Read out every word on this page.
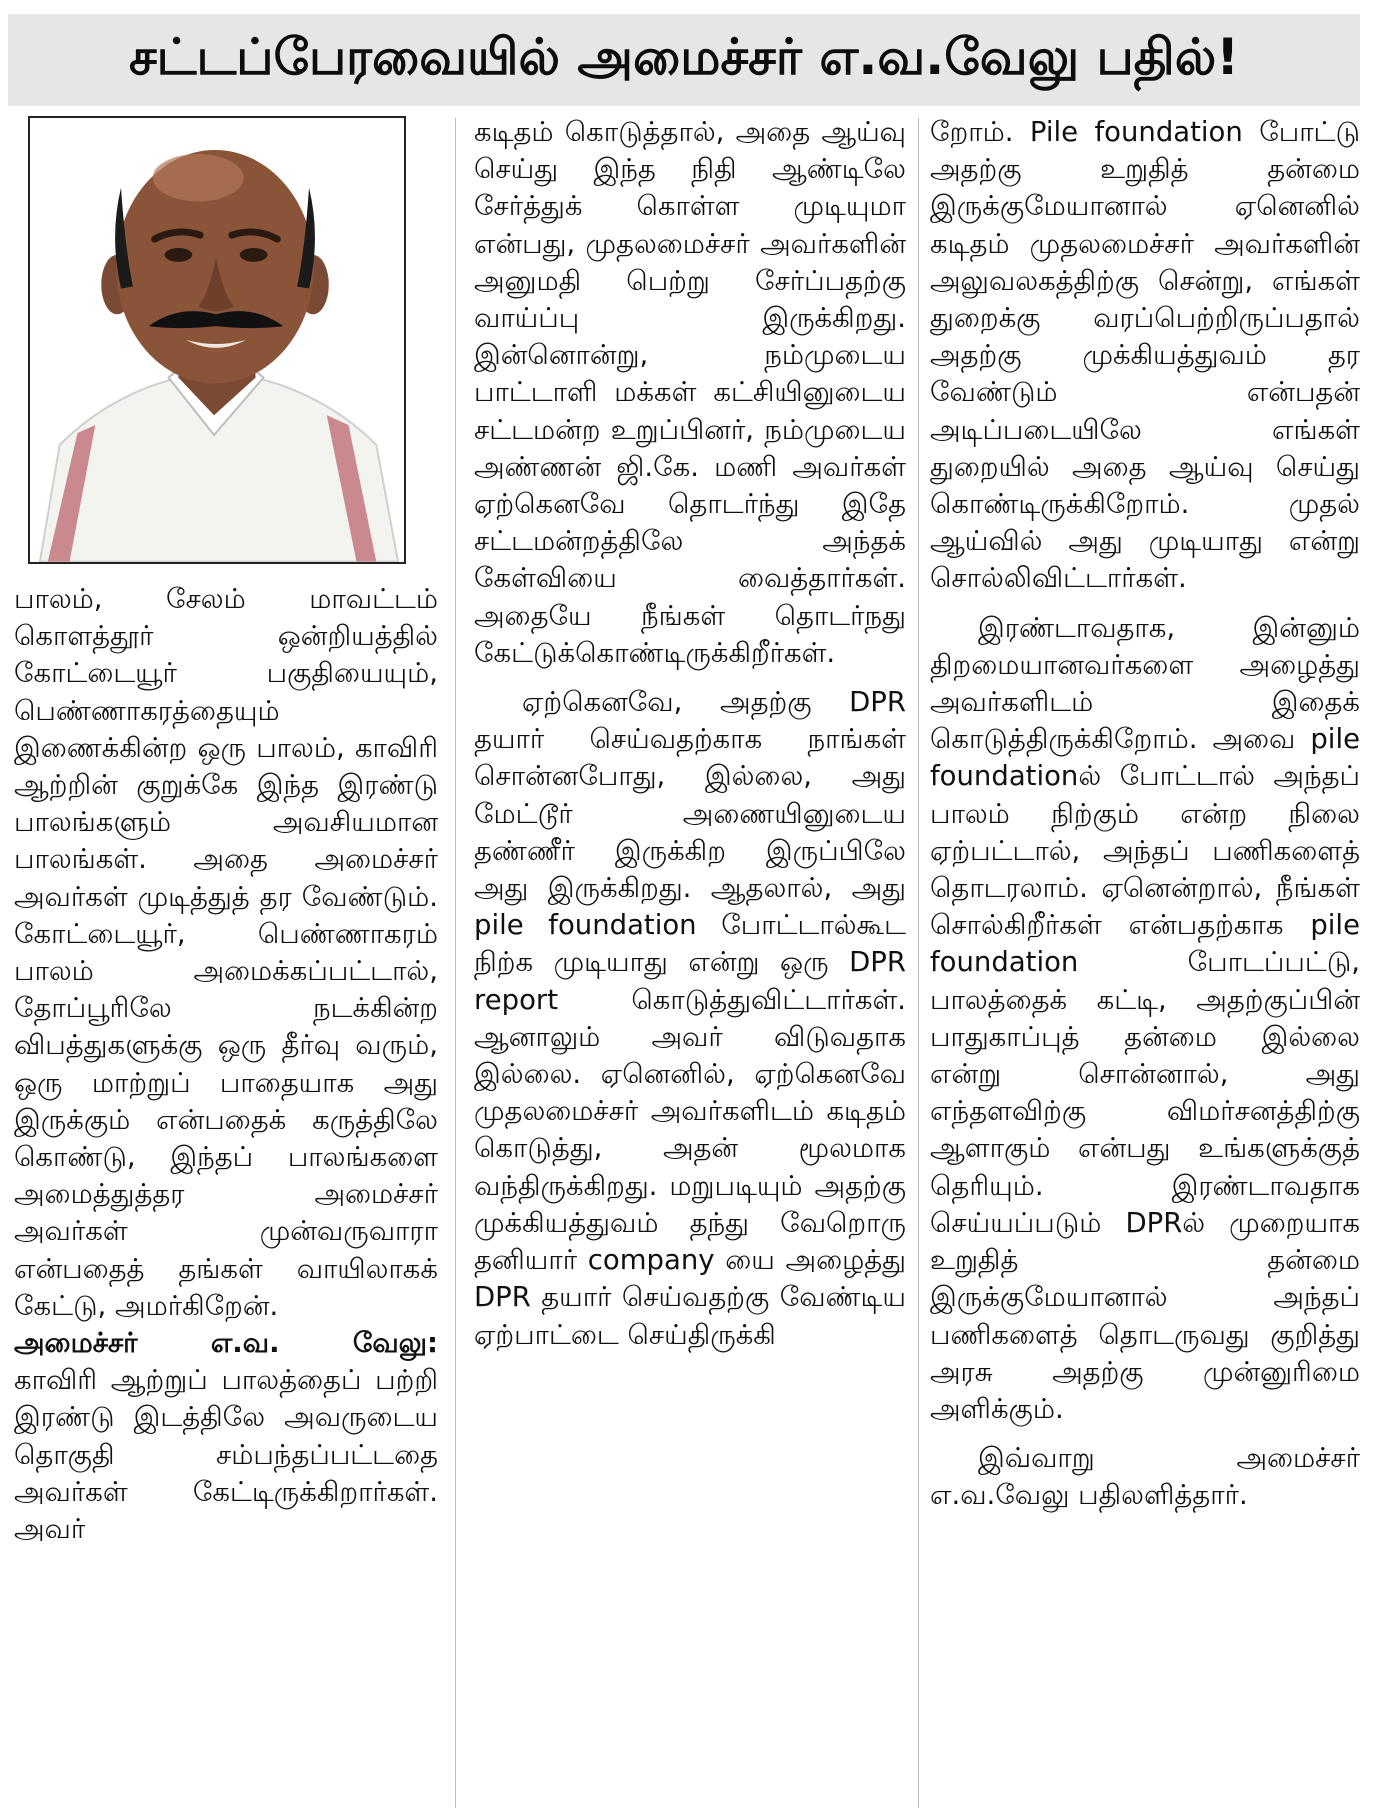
சட்டப்பேரவையில் அமைச்சர் எ.வ.வேலு பதில்!

பாலம், சேலம் மாவட்டம் கொளத்தூர் ஒன்றியத்தில் கோட்டையூர் பகுதியையும், பெண்ணாகரத்தையும் இணைக்கின்ற ஒரு பாலம், காவிரி ஆற்றின் குறுக்கே இந்த இரண்டு பாலங்களும் அவசியமான பாலங்கள். அதை அமைச்சர் அவர்கள் முடித்துத் தர வேண்டும். கோட்டையூர், பெண்ணாகரம் பாலம் அமைக்கப்பட்டால், தோப்பூரிலே நடக்கின்ற விபத்துகளுக்கு ஒரு தீர்வு வரும், ஒரு மாற்றுப் பாதையாக அது இருக்கும் என்பதைக் கருத்திலே கொண்டு, இந்தப் பாலங்களை அமைத்துத்தர அமைச்சர் அவர்கள் முன்வருவாரா என்பதைத் தங்கள் வாயிலாகக் கேட்டு, அமர்கிறேன்.

அமைச்சர் எ.வ. வேலு:

காவிரி ஆற்றுப் பாலத்தைப் பற்றி இரண்டு இடத்திலே அவருடைய தொகுதி சம்பந்தப்பட்டதை அவர்கள் கேட்டிருக்கிறார்கள். அவர்

கடிதம் கொடுத்தால், அதை ஆய்வு செய்து இந்த நிதி ஆண்டிலே சேர்த்துக் கொள்ள முடியுமா என்பது, முதலமைச்சர் அவர்களின் அனுமதி பெற்று சேர்ப்பதற்கு வாய்ப்பு இருக்கிறது. இன்னொன்று, நம்முடைய பாட்டாளி மக்கள் கட்சியினுடைய சட்டமன்ற உறுப்பினர், நம்முடைய அண்ணன் ஜி.கே. மணி அவர்கள் ஏற்கெனவே தொடர்ந்து இதே சட்டமன்றத்திலே அந்தக் கேள்வியை வைத்தார்கள். அதையே நீங்கள் தொடர்நது கேட்டுக்கொண்டிருக்கிறீர்கள்.

ஏற்கெனவே, அதற்கு DPR தயார் செய்வதற்காக நாங்கள் சொன்னபோது, இல்லை, அது மேட்டூர் அணையினுடைய தண்ணீர் இருக்கிற இருப்பிலே அது இருக்கிறது. ஆதலால், அது pile foundation போட்டால்கூட நிற்க முடியாது என்று ஒரு DPR report கொடுத்துவிட்டார்கள். ஆனாலும் அவர் விடுவதாக இல்லை. ஏனெனில், ஏற்கெனவே முதலமைச்சர் அவர்களிடம் கடிதம் கொடுத்து, அதன் மூலமாக வந்திருக்கிறது. மறுபடியும் அதற்கு முக்கியத்துவம் தந்து வேறொரு தனியார் company யை அழைத்து DPR தயார் செய்வதற்கு வேண்டிய ஏற்பாட்டை செய்திருக்கி

றோம். Pile foundation போட்டு அதற்கு உறுதித் தன்மை இருக்குமேயானால் ஏனெனில் கடிதம் முதலமைச்சர் அவர்களின் அலுவலகத்திற்கு சென்று, எங்கள் துறைக்கு வரப்பெற்றிருப்பதால் அதற்கு முக்கியத்துவம் தர வேண்டும் என்பதன் அடிப்படையிலே எங்கள் துறையில் அதை ஆய்வு செய்து கொண்டிருக்கிறோம். முதல் ஆய்வில் அது முடியாது என்று சொல்லிவிட்டார்கள்.

இரண்டாவதாக, இன்னும் திறமையானவர்களை அழைத்து அவர்களிடம் இதைக் கொடுத்திருக்கிறோம். அவை pile foundationல் போட்டால் அந்தப் பாலம் நிற்கும் என்ற நிலை ஏற்பட்டால், அந்தப் பணிகளைத் தொடரலாம். ஏனென்றால், நீங்கள் சொல்கிறீர்கள் என்பதற்காக pile foundation போடப்பட்டு, பாலத்தைக் கட்டி, அதற்குப்பின் பாதுகாப்புத் தன்மை இல்லை என்று சொன்னால், அது எந்தளவிற்கு விமர்சனத்திற்கு ஆளாகும் என்பது உங்களுக்குத் தெரியும். இரண்டாவதாக செய்யப்படும் DPRல் முறையாக உறுதித் தன்மை இருக்குமேயானால் அந்தப் பணிகளைத் தொடருவது குறித்து அரசு அதற்கு முன்னுரிமை அளிக்கும்.

இவ்வாறு அமைச்சர் எ.வ.வேலு பதிலளித்தார்.
